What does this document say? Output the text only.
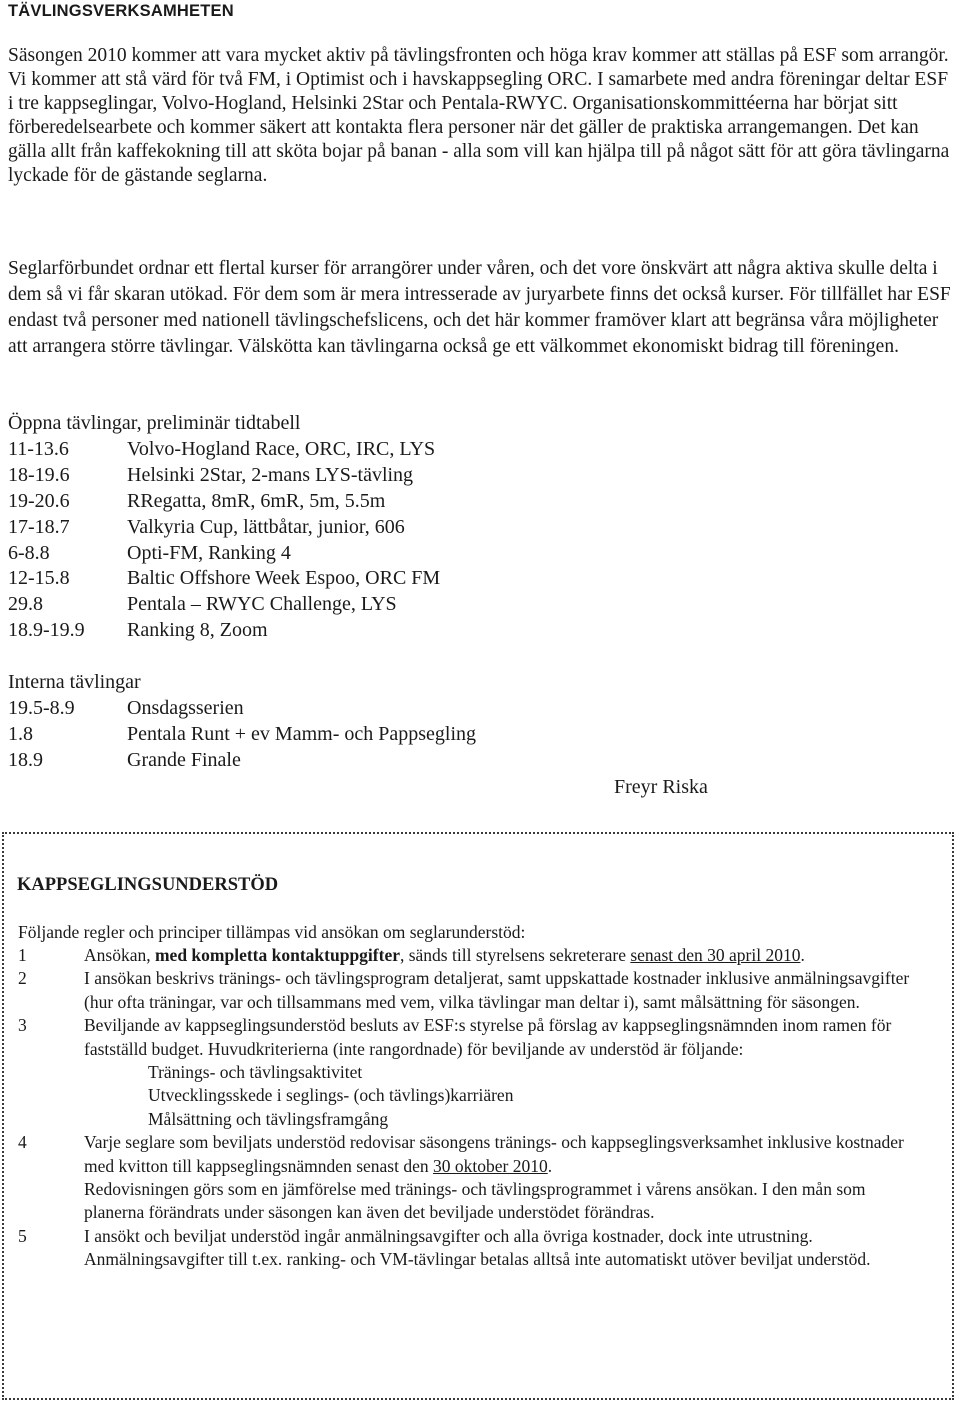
TÄVLINGSVERKSAMHETEN

Säsongen 2010 kommer att vara mycket aktiv på tävlingsfronten och höga krav kommer att ställas på ESF som arrangör. Vi kommer att stå värd för två FM, i Optimist och i havskappsegling ORC. I samarbete med andra föreningar deltar ESF i tre kappseglingar, Volvo-Hogland, Helsinki 2Star och Pentala-RWYC. Organisationskommittéerna har börjat sitt förberedelsearbete och kommer säkert att kontakta flera personer när det gäller de praktiska arrangemangen. Det kan gälla allt från kaffekokning till att sköta bojar på banan - alla som vill kan hjälpa till på något sätt för att göra tävlingarna lyckade för de gästande seglarna.

Seglarförbundet ordnar ett flertal kurser för arrangörer under våren, och det vore önskvärt att några aktiva skulle delta i dem så vi får skaran utökad. För dem som är mera intresserade av juryarbete finns det också kurser. För tillfället har ESF endast två personer med nationell tävlingschefslicens, och det här kommer framöver klart att begränsa våra möjligheter att arrangera större tävlingar. Välskötta kan tävlingarna också ge ett välkommet ekonomiskt bidrag till föreningen.

Öppna tävlingar, preliminär tidtabell

11-13.6	Volvo-Hogland Race, ORC, IRC, LYS
18-19.6	Helsinki 2Star, 2-mans LYS-tävling
19-20.6	RRegatta, 8mR, 6mR, 5m, 5.5m
17-18.7	Valkyria Cup, lättbåtar, junior, 606
6-8.8	Opti-FM, Ranking 4
12-15.8	Baltic Offshore Week Espoo, ORC FM
29.8	Pentala – RWYC Challenge, LYS
18.9-19.9 Ranking 8, Zoom

Interna tävlingar

19.5-8.9	Onsdagsserien
1.8	Pentala Runt + ev Mamm- och Pappsegling
18.9	Grande Finale

Freyr Riska

KAPPSEGLINGSUNDERSTÖD

Följande regler och principer tillämpas vid ansökan om seglarunderstöd:

1	Ansökan, med kompletta kontaktuppgifter, sänds till styrelsens sekreterare senast den 30 april 2010.
2	I ansökan beskrivs tränings- och tävlingsprogram detaljerat, samt uppskattade kostnader inklusive anmälningsavgifter (hur ofta träningar, var och tillsammans med vem, vilka tävlingar man deltar i), samt målsättning för säsongen.
3	Beviljande av kappseglingsunderstöd besluts av ESF:s styrelse på förslag av kappseglingsnämnden inom ramen för fastställd budget. Huvudkriterierna (inte rangordnade) för beviljande av understöd är följande:
Tränings- och tävlingsaktivitet
Utvecklingsskede i seglings- (och tävlings)karriären
Målsättning och tävlingsframgång
4	Varje seglare som beviljats understöd redovisar säsongens tränings- och kappseglingsverksamhet inklusive kostnader med kvitton till kappseglingsnämnden senast den 30 oktober 2010.
Redovisningen görs som en jämförelse med tränings- och tävlingsprogrammet i vårens ansökan. I den mån som planerna förändrats under säsongen kan även det beviljade understödet förändras.
5	I ansökt och beviljat understöd ingår anmälningsavgifter och alla övriga kostnader, dock inte utrustning. Anmälningsavgifter till t.ex. ranking- och VM-tävlingar betalas alltså inte automatiskt utöver beviljat understöd.
